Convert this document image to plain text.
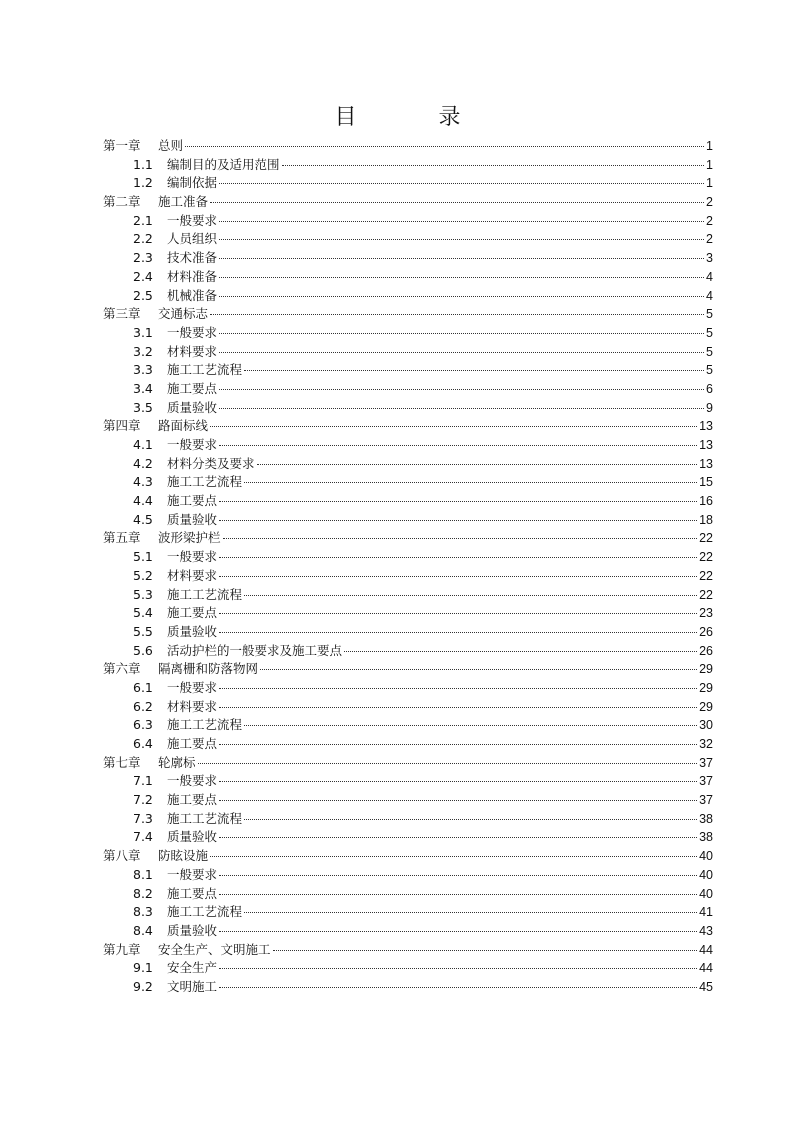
目　录
第一章	总则	1
1.1	编制目的及适用范围	1
1.2	编制依据	1
第二章	施工准备	2
2.1	一般要求	2
2.2	人员组织	2
2.3	技术准备	3
2.4	材料准备	4
2.5	机械准备	4
第三章	交通标志	5
3.1	一般要求	5
3.2	材料要求	5
3.3	施工工艺流程	5
3.4	施工要点	6
3.5	质量验收	9
第四章	路面标线	13
4.1	一般要求	13
4.2	材料分类及要求	13
4.3	施工工艺流程	15
4.4	施工要点	16
4.5	质量验收	18
第五章	波形梁护栏	22
5.1	一般要求	22
5.2	材料要求	22
5.3	施工工艺流程	22
5.4	施工要点	23
5.5	质量验收	26
5.6	活动护栏的一般要求及施工要点	26
第六章	隔离栅和防落物网	29
6.1	一般要求	29
6.2	材料要求	29
6.3	施工工艺流程	30
6.4	施工要点	32
第七章	轮廓标	37
7.1	一般要求	37
7.2	施工要点	37
7.3	施工工艺流程	38
7.4	质量验收	38
第八章	防眩设施	40
8.1	一般要求	40
8.2	施工要点	40
8.3	施工工艺流程	41
8.4	质量验收	43
第九章	安全生产、文明施工	44
9.1	安全生产	44
9.2	文明施工	45
